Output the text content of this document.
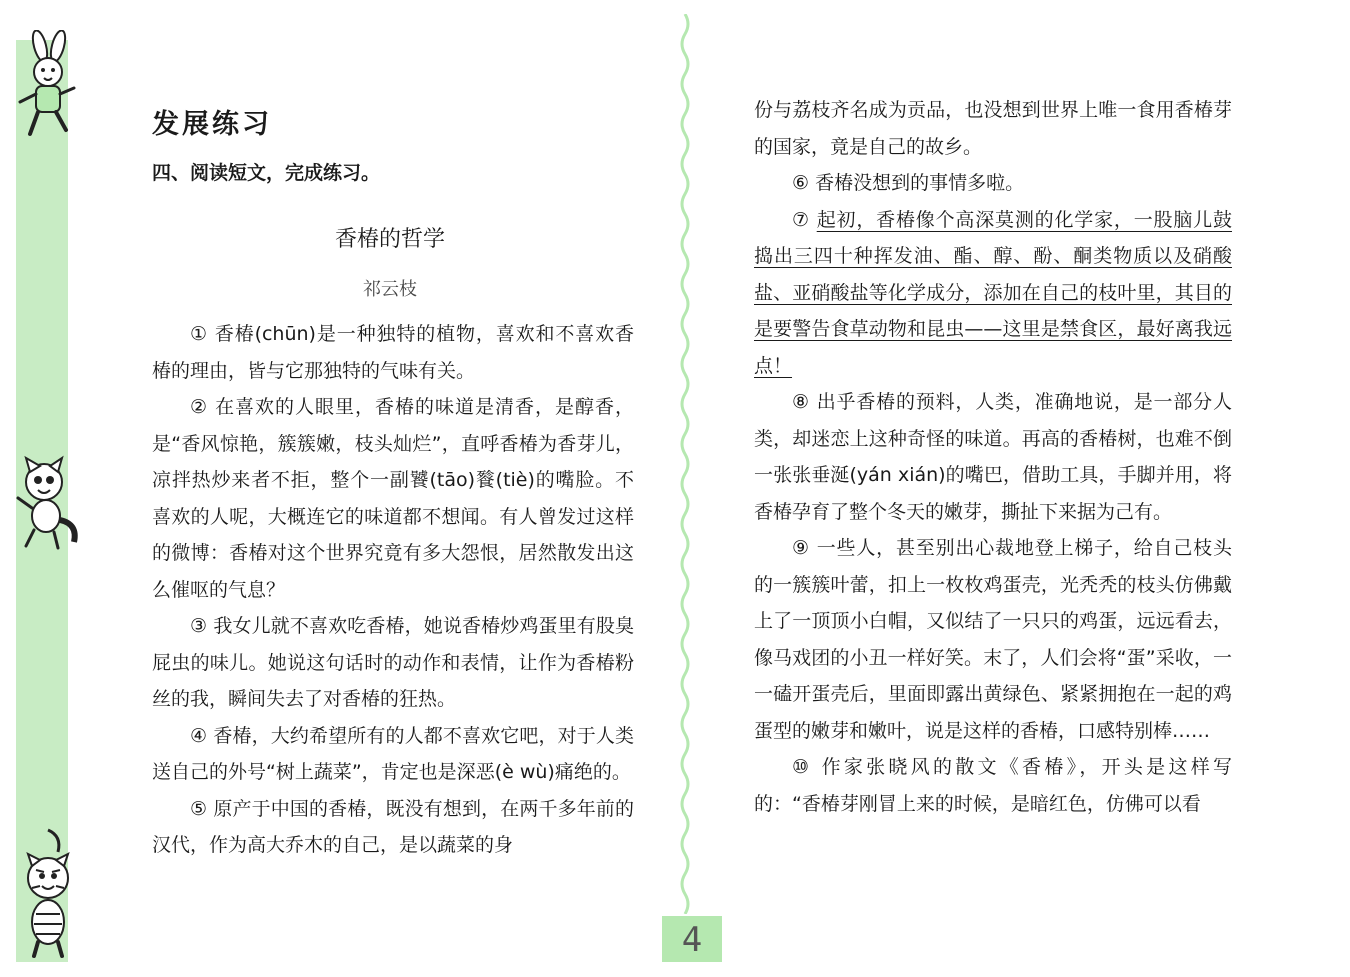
发展练习
四、阅读短文，完成练习。
香椿的哲学
祁云枝

① 香椿(chūn)是一种独特的植物，喜欢和不喜欢香椿的理由，皆与它那独特的气味有关。

② 在喜欢的人眼里，香椿的味道是清香，是醇香，是“香风惊艳，簇簇嫩，枝头灿烂”，直呼香椿为香芽儿，凉拌热炒来者不拒，整个一副饕(tāo)餮(tiè)的嘴脸。不喜欢的人呢，大概连它的味道都不想闻。有人曾发过这样的微博：香椿对这个世界究竟有多大怨恨，居然散发出这么催呕的气息？

③ 我女儿就不喜欢吃香椿，她说香椿炒鸡蛋里有股臭屁虫的味儿。她说这句话时的动作和表情，让作为香椿粉丝的我，瞬间失去了对香椿的狂热。

④ 香椿，大约希望所有的人都不喜欢它吧，对于人类送自己的外号“树上蔬菜”，肯定也是深恶(è wù)痛绝的。

⑤ 原产于中国的香椿，既没有想到，在两千多年前的汉代，作为高大乔木的自己，是以蔬菜的身

份与荔枝齐名成为贡品，也没想到世界上唯一食用香椿芽的国家，竟是自己的故乡。

⑥ 香椿没想到的事情多啦。

⑦ 起初，香椿像个高深莫测的化学家，一股脑儿鼓捣出三四十种挥发油、酯、醇、酚、酮类物质以及硝酸盐、亚硝酸盐等化学成分，添加在自己的枝叶里，其目的是要警告食草动物和昆虫——这里是禁食区，最好离我远点！

⑧ 出乎香椿的预料，人类，准确地说，是一部分人类，却迷恋上这种奇怪的味道。再高的香椿树，也难不倒一张张垂涎(yán xián)的嘴巴，借助工具，手脚并用，将香椿孕育了整个冬天的嫩芽，撕扯下来据为己有。

⑨ 一些人，甚至别出心裁地登上梯子，给自己枝头的一簇簇叶蕾，扣上一枚枚鸡蛋壳，光秃秃的枝头仿佛戴上了一顶顶小白帽，又似结了一只只的鸡蛋，远远看去，像马戏团的小丑一样好笑。末了，人们会将“蛋”采收，一一磕开蛋壳后，里面即露出黄绿色、紧紧拥抱在一起的鸡蛋型的嫩芽和嫩叶，说是这样的香椿，口感特别棒……

⑩ 作家张晓风的散文《香椿》，开头是这样写的：“香椿芽刚冒上来的时候，是暗红色，仿佛可以看

4
